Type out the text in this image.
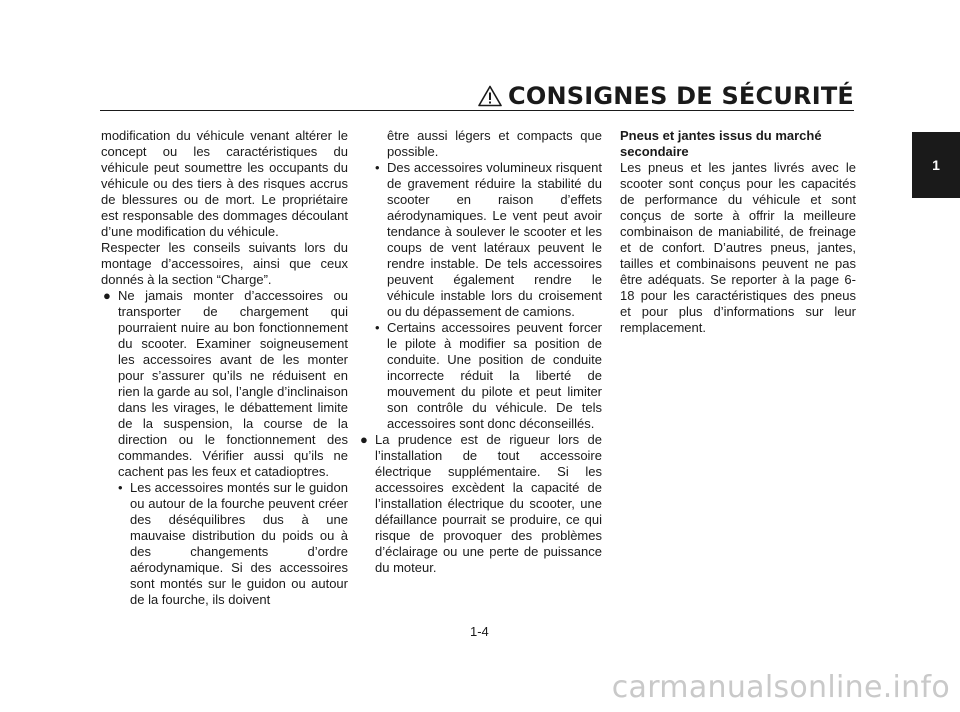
CONSIGNES DE SÉCURITÉ
1

modification du véhicule venant altérer le concept ou les caractéristiques du véhicule peut soumettre les occupants du véhicule ou des tiers à des risques accrus de blessures ou de mort. Le propriétaire est responsable des dommages découlant d’une modification du véhicule.

Respecter les conseils suivants lors du montage d’accessoires, ainsi que ceux donnés à la section “Charge”.

● Ne jamais monter d’accessoires ou transporter de chargement qui pourraient nuire au bon fonctionnement du scooter. Examiner soigneusement les accessoires avant de les monter pour s’assurer qu’ils ne réduisent en rien la garde au sol, l’angle d’inclinaison dans les virages, le débattement limite de la suspension, la course de la direction ou le fonctionnement des commandes. Vérifier aussi qu’ils ne cachent pas les feux et catadioptres.
• Les accessoires montés sur le guidon ou autour de la fourche peuvent créer des déséquilibres dus à une mauvaise distribution du poids ou à des changements d’ordre aérodynamique. Si des accessoires sont montés sur le guidon ou autour de la fourche, ils doivent

être aussi légers et compacts que possible.

• Des accessoires volumineux risquent de gravement réduire la stabilité du scooter en raison d’effets aérodynamiques. Le vent peut avoir tendance à soulever le scooter et les coups de vent latéraux peuvent le rendre instable. De tels accessoires peuvent également rendre le véhicule instable lors du croisement ou du dépassement de camions.
• Certains accessoires peuvent forcer le pilote à modifier sa position de conduite. Une position de conduite incorrecte réduit la liberté de mouvement du pilote et peut limiter son contrôle du véhicule. De tels accessoires sont donc déconseillés.
● La prudence est de rigueur lors de l’installation de tout accessoire électrique supplémentaire. Si les accessoires excèdent la capacité de l’installation électrique du scooter, une défaillance pourrait se produire, ce qui risque de provoquer des problèmes d’éclairage ou une perte de puissance du moteur.

Pneus et jantes issus du marché secondaire

Les pneus et les jantes livrés avec le scooter sont conçus pour les capacités de performance du véhicule et sont conçus de sorte à offrir la meilleure combinaison de maniabilité, de freinage et de confort. D’autres pneus, jantes, tailles et combinaisons peuvent ne pas être adéquats. Se reporter à la page 6-18 pour les caractéristiques des pneus et pour plus d’informations sur leur remplacement.

1-4
carmanualsonline.info
